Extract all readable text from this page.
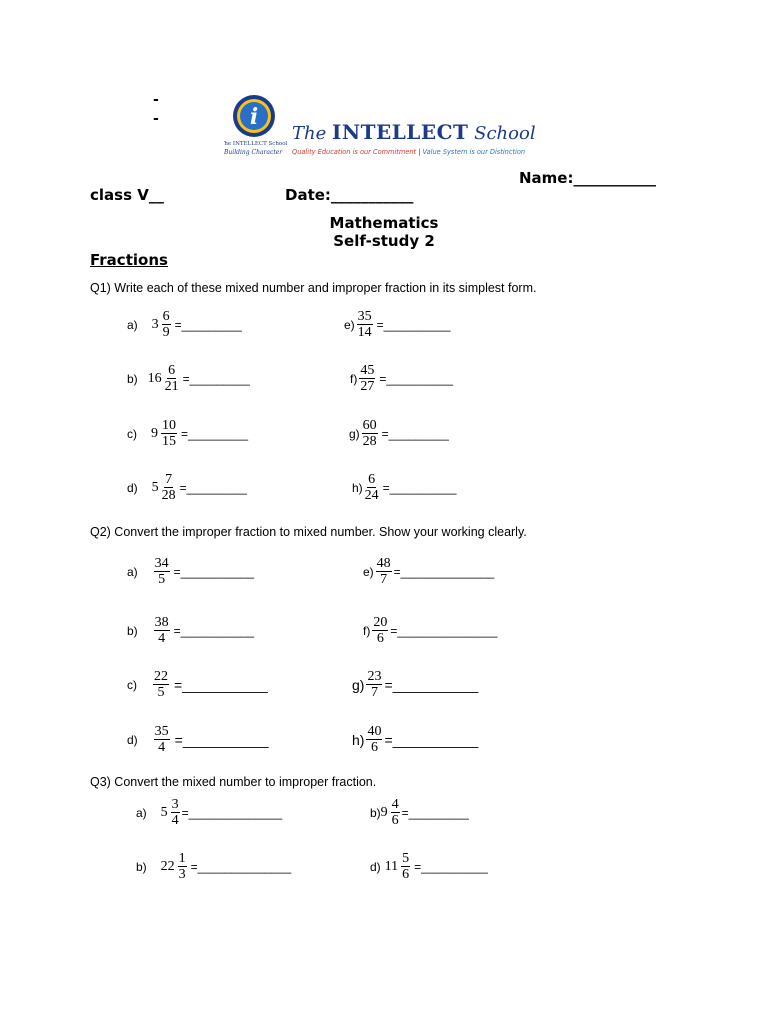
-
-	i
The INTELLECT School
Building Character
The INTELLECT School
Quality Education is our Commitment | Value System is our Distinction
Name:___________
class V__	Date:___________
Mathematics
Self-study 2
Fractions
Q1) Write each of these mixed number and improper fraction in its simplest form.
a) $3 \frac{6}{9}$ =_________
b) $16 \frac{6}{21}$ =_________
c) $9 \frac{10}{15}$ =_________
d) $5 \frac{7}{28}$ =_________
$e) \frac{35}{14}$ =__________
$f) \frac{45}{27}$ =__________
$g) \frac{60}{28}$ =_________
$h) \frac{6}{24}$ =__________
Q2) Convert the improper fraction to mixed number. Show your working clearly.
$a) \frac{34}{5}$ =___________
$b) \frac{38}{4}$ =___________
$c) \frac{22}{5}$ =___________
$d) \frac{35}{4}$ =___________
$e) \frac{48}{7}$ =______________
$f) \frac{20}{6}$ =_______________
$g) \frac{23}{7}$ =___________
$h) \frac{40}{6}$ =___________
Q3) Convert the mixed number to improper fraction.
a) $5 \frac{3}{4}$ =______________
b) $22 \frac{1}{3}$ =______________
b) $9 \frac{4}{6}$ =_________
d) $11 \frac{5}{6}$ =__________
